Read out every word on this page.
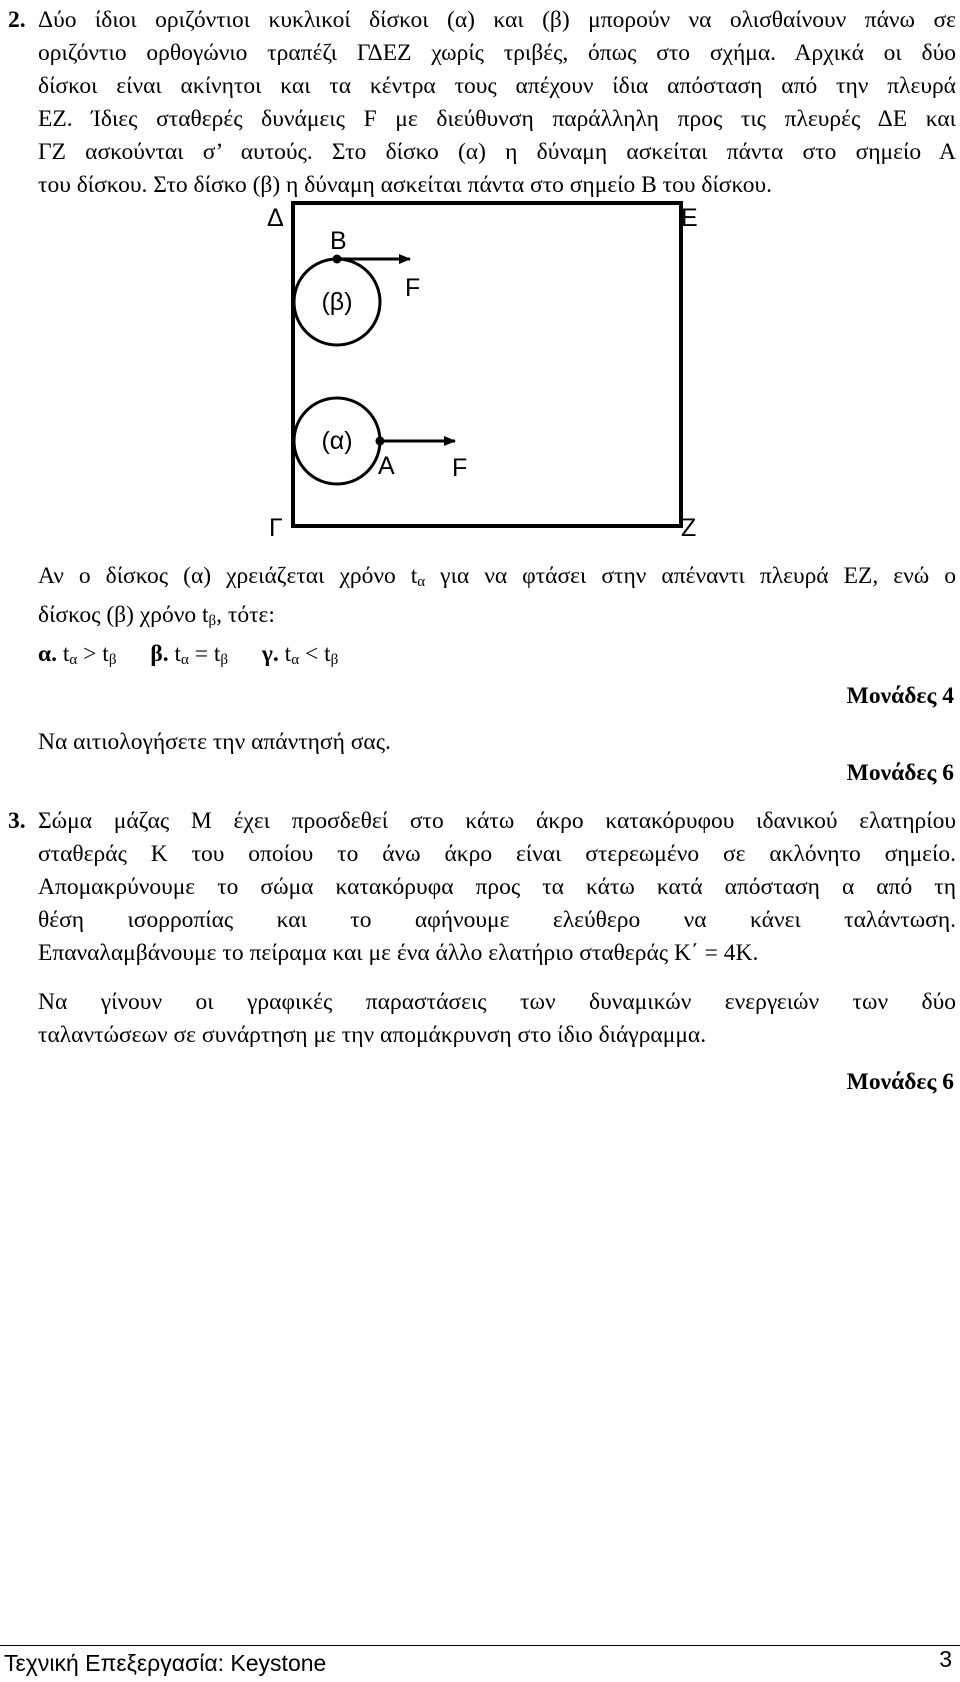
2. Δύο ίδιοι οριζόντιοι κυκλικοί δίσκοι (α) και (β) μπορούν να ολισθαίνουν πάνω σε
οριζόντιο ορθογώνιο τραπέζι ΓΔΕΖ χωρίς τριβές, όπως στο σχήμα. Αρχικά οι δύο
δίσκοι είναι ακίνητοι και τα κέντρα τους απέχουν ίδια απόσταση από την πλευρά
ΕΖ. Ίδιες σταθερές δυνάμεις F με διεύθυνση παράλληλη προς τις πλευρές ΔΕ και
ΓΖ ασκούνται σ’ αυτούς. Στο δίσκο (α) η δύναμη ασκείται πάντα στο σημείο Α
του δίσκου. Στο δίσκο (β) η δύναμη ασκείται πάντα στο σημείο Β του δίσκου.
Δ	Ε
Γ	Ζ
(β)
Β
F
(α)
Α F
Αν ο δίσκος (α) χρειάζεται χρόνο $t_\alpha$ για να φτάσει στην απέναντι πλευρά ΕΖ, ενώ ο
δίσκος (β) χρόνο $t_\beta$, τότε:
α. $t_\alpha > t_\beta$ β. $t_\alpha = t_\beta$ γ. $t_\alpha < t_\beta$
Μονάδες 4
Να αιτιολογήσετε την απάντησή σας.
Μονάδες 6
3. Σώμα μάζας Μ έχει προσδεθεί στο κάτω άκρο κατακόρυφου ιδανικού ελατηρίου
σταθεράς Κ του οποίου το άνω άκρο είναι στερεωμένο σε ακλόνητο σημείο.
Απομακρύνουμε το σώμα κατακόρυφα προς τα κάτω κατά απόσταση α από τη
θέση ισορροπίας και το αφήνουμε ελεύθερο να κάνει ταλάντωση.
Επαναλαμβάνουμε το πείραμα και με ένα άλλο ελατήριο σταθεράς Κ΄ = 4Κ.
Να γίνουν οι γραφικές παραστάσεις των δυναμικών ενεργειών των δύο
ταλαντώσεων σε συνάρτηση με την απομάκρυνση στο ίδιο διάγραμμα.
Μονάδες 6
Τεχνική Επεξεργασία: Keystone	3
